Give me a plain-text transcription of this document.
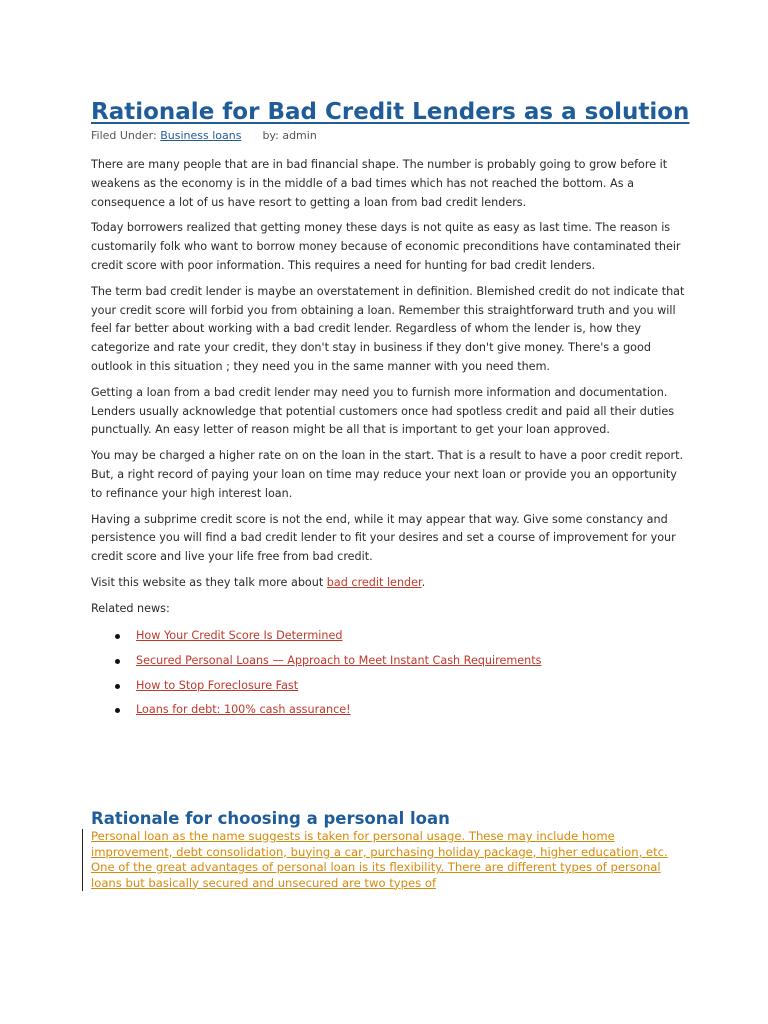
Rationale for Bad Credit Lenders as a solution
Filed Under: Business loans by: admin

There are many people that are in bad financial shape. The number is probably going to grow before it weakens as the economy is in the middle of a bad times which has not reached the bottom. As a consequence a lot of us have resort to getting a loan from bad credit lenders.

Today borrowers realized that getting money these days is not quite as easy as last time. The reason is customarily folk who want to borrow money because of economic preconditions have contaminated their credit score with poor information. This requires a need for hunting for bad credit lenders.

The term bad credit lender is maybe an overstatement in definition. Blemished credit do not indicate that your credit score will forbid you from obtaining a loan. Remember this straightforward truth and you will feel far better about working with a bad credit lender. Regardless of whom the lender is, how they categorize and rate your credit, they don't stay in business if they don't give money. There's a good outlook in this situation ; they need you in the same manner with you need them.

Getting a loan from a bad credit lender may need you to furnish more information and documentation. Lenders usually acknowledge that potential customers once had spotless credit and paid all their duties punctually. An easy letter of reason might be all that is important to get your loan approved.

You may be charged a higher rate on on the loan in the start. That is a result to have a poor credit report. But, a right record of paying your loan on time may reduce your next loan or provide you an opportunity to refinance your high interest loan.

Having a subprime credit score is not the end, while it may appear that way. Give some constancy and persistence you will find a bad credit lender to fit your desires and set a course of improvement for your credit score and live your life free from bad credit.

Visit this website as they talk more about bad credit lender.

Related news:

How Your Credit Score Is Determined
Secured Personal Loans — Approach to Meet Instant Cash Requirements
How to Stop Foreclosure Fast
Loans for debt: 100% cash assurance!
Rationale for choosing a personal loan

Personal loan as the name suggests is taken for personal usage. These may include home improvement, debt consolidation, buying a car, purchasing holiday package, higher education, etc. One of the great advantages of personal loan is its flexibility. There are different types of personal loans but basically secured and unsecured are two types of
